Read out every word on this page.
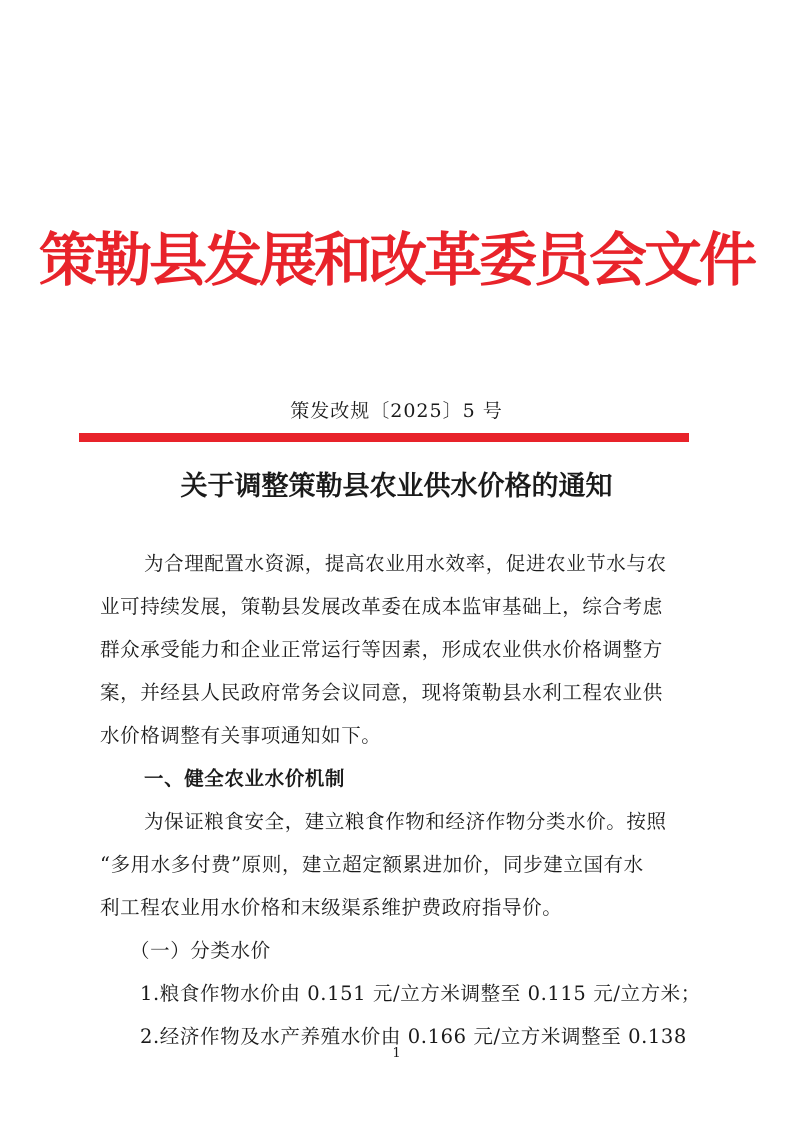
策勒县发展和改革委员会文件
策发改规〔2025〕5 号
关于调整策勒县农业供水价格的通知
为合理配置水资源，提高农业用水效率，促进农业节水与农
业可持续发展，策勒县发展改革委在成本监审基础上，综合考虑
群众承受能力和企业正常运行等因素，形成农业供水价格调整方
案，并经县人民政府常务会议同意，现将策勒县水利工程农业供
水价格调整有关事项通知如下。
一、健全农业水价机制
为保证粮食安全，建立粮食作物和经济作物分类水价。按照
“多用水多付费”原则，建立超定额累进加价，同步建立国有水
利工程农业用水价格和末级渠系维护费政府指导价。
（一）分类水价
1.粮食作物水价由 0.151 元/立方米调整至 0.115 元/立方米；
2.经济作物及水产养殖水价由 0.166 元/立方米调整至 0.138
1
